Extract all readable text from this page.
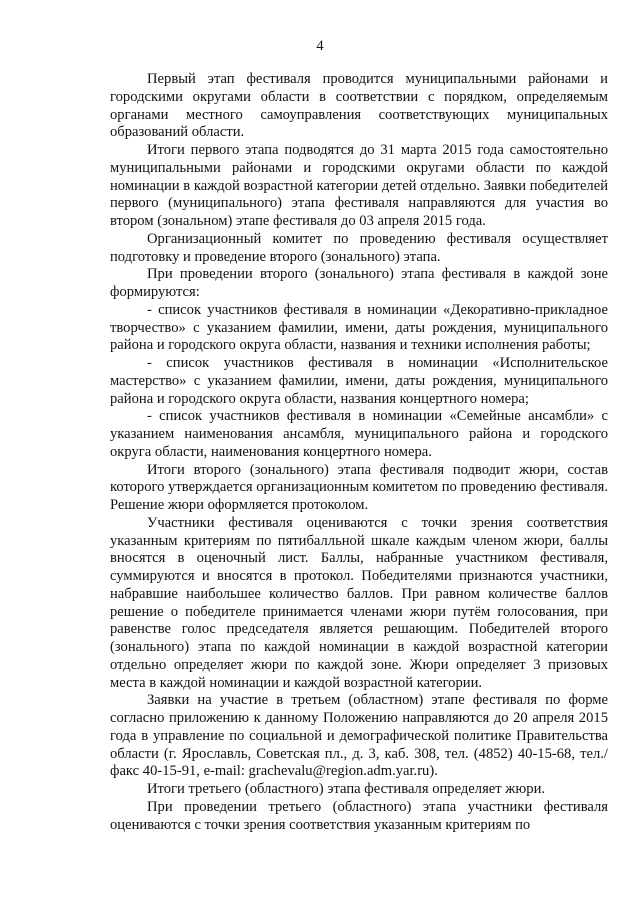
4

Первый этап фестиваля проводится муниципальными районами и городскими округами области в соответствии с порядком, определяемым органами местного самоуправления соответствующих муниципальных образований области.

Итоги первого этапа подводятся до 31 марта 2015 года самостоятельно муниципальными районами и городскими округами области по каждой номинации в каждой возрастной категории детей отдельно. Заявки победителей первого (муниципального) этапа фестиваля направляются для участия во втором (зональном) этапе фестиваля до 03 апреля 2015 года.

Организационный комитет по проведению фестиваля осуществляет подготовку и проведение второго (зонального) этапа.

При проведении второго (зонального) этапа фестиваля в каждой зоне формируются:

- список участников фестиваля в номинации «Декоративно-прикладное творчество» с указанием фамилии, имени, даты рождения, муниципального района и городского округа области, названия и техники исполнения работы;

- список участников фестиваля в номинации «Исполнительское мастерство» с указанием фамилии, имени, даты рождения, муниципального района и городского округа области, названия концертного номера;

- список участников фестиваля в номинации «Семейные ансамбли» с указанием наименования ансамбля, муниципального района и городского округа области, наименования концертного номера.

Итоги второго (зонального) этапа фестиваля подводит жюри, состав которого утверждается организационным комитетом по проведению фестиваля. Решение жюри оформляется протоколом.

Участники фестиваля оцениваются с точки зрения соответствия указанным критериям по пятибалльной шкале каждым членом жюри, баллы вносятся в оценочный лист. Баллы, набранные участником фестиваля, суммируются и вносятся в протокол. Победителями признаются участники, набравшие наибольшее количество баллов. При равном количестве баллов решение о победителе принимается членами жюри путём голосования, при равенстве голос председателя является решающим. Победителей второго (зонального) этапа по каждой номинации в каждой возрастной категории отдельно определяет жюри по каждой зоне. Жюри определяет 3 призовых места в каждой номинации и каждой возрастной категории.

Заявки на участие в третьем (областном) этапе фестиваля по форме согласно приложению к данному Положению направляются до 20 апреля 2015 года в управление по социальной и демографической политике Правительства области (г. Ярославль, Советская пл., д. 3, каб. 308, тел. (4852) 40-15-68, тел./факс 40-15-91, e-mail: grachevalu@region.adm.yar.ru).

Итоги третьего (областного) этапа фестиваля определяет жюри.

При проведении третьего (областного) этапа участники фестиваля оцениваются с точки зрения соответствия указанным критериям по
